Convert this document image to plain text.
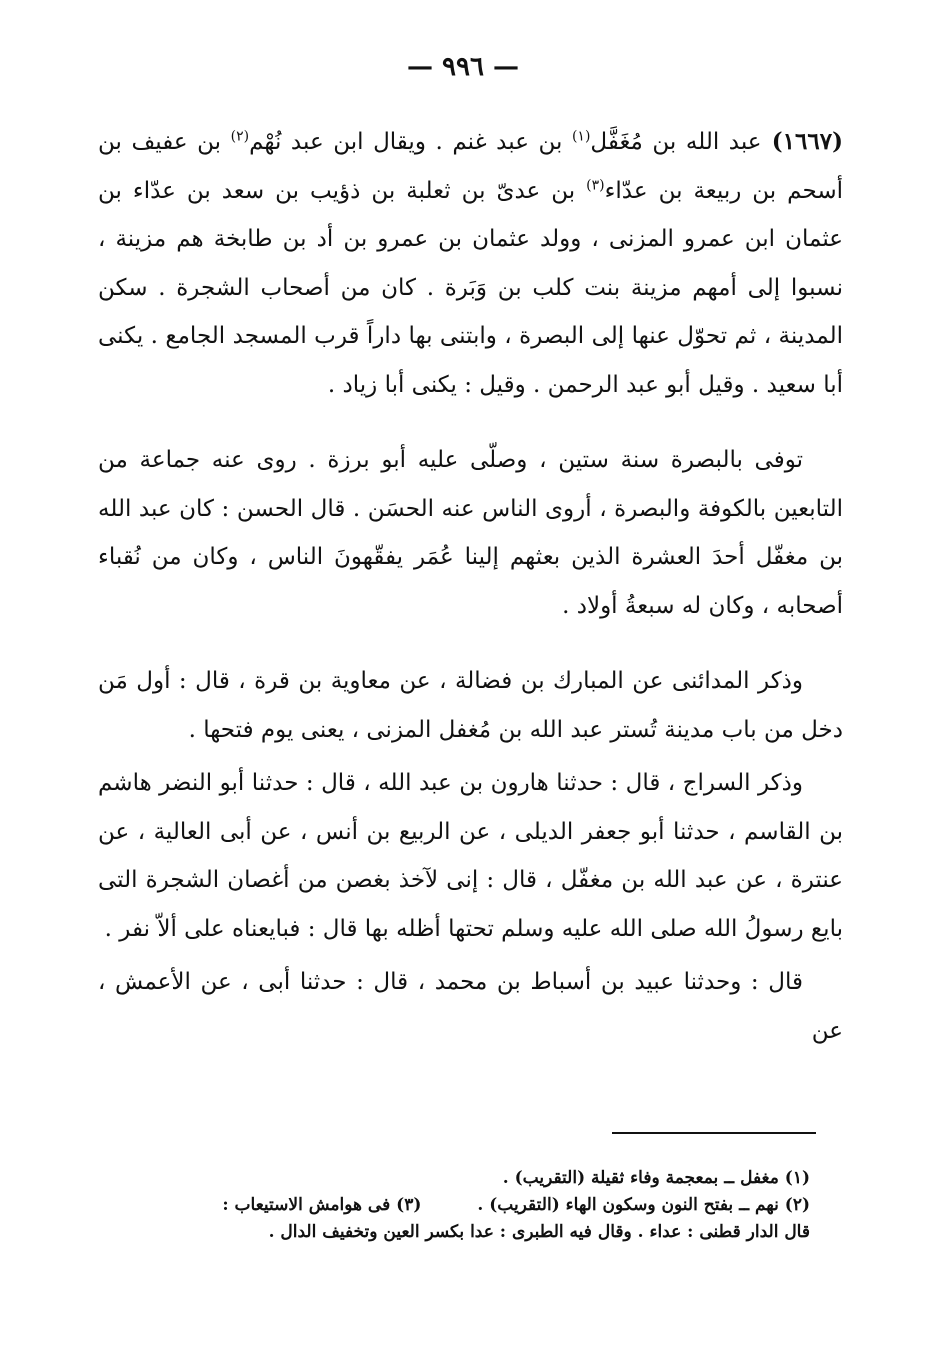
— ٩٩٦ —

(١٦٦٧) عبد الله بن مُغَفَّل$^{(١)}$ بن عبد غنم . ويقال ابن عبد نُهْم$^{(٢)}$ بن عفيف بن أسحم بن ربيعة بن عدّاء$^{(٣)}$ بن عدىّ بن ثعلبة بن ذؤيب بن سعد بن عدّاء بن عثمان ابن عمرو المزنى ، وولد عثمان بن عمرو بن أد بن طابخة هم مزينة ، نسبوا إلى أمهم مزينة بنت كلب بن وَبَرة . كان من أصحاب الشجرة . سكن المدينة ، ثم تحوّل عنها إلى البصرة ، وابتنى بها داراً قرب المسجد الجامع . يكنى أبا سعيد . وقيل أبو عبد الرحمن . وقيل : يكنى أبا زياد .

توفى بالبصرة سنة ستين ، وصلّى عليه أبو برزة . روى عنه جماعة من التابعين بالكوفة والبصرة ، أروى الناس عنه الحسَن . قال الحسن : كان عبد الله بن مغفّل أحدَ العشرة الذين بعثهم إلينا عُمَر يفقّهونَ الناس ، وكان من نُقباء أصحابه ، وكان له سبعةُ أولاد .

وذكر المدائنى عن المبارك بن فضالة ، عن معاوية بن قرة ، قال : أول مَن دخل من باب مدينة تُستر عبد الله بن مُغفل المزنى ، يعنى يوم فتحها .

وذكر السراج ، قال : حدثنا هارون بن عبد الله ، قال : حدثنا أبو النضر هاشم بن القاسم ، حدثنا أبو جعفر الديلى ، عن الربيع بن أنس ، عن أبى العالية ، عن عنترة ، عن عبد الله بن مغفّل ، قال : إنى لآخذ بغصن من أغصان الشجرة التى بايع رسولُ الله صلى الله عليه وسلم تحتها أظله بها قال : فبايعناه على ألاّ نفر .

قال : وحدثنا عبيد بن أسباط بن محمد ، قال : حدثنا أبى ، عن الأعمش ، عن

(١) مغفل ــ بمعجمة وفاء ثقيلة (التقريب) .
(٢) نهم ــ بفتح النون وسكون الهاء (التقريب) .(٣) فى هوامش الاستيعاب :
قال الدار قطنى : عداء . وقال فيه الطبرى : عدا بكسر العين وتخفيف الدال .
